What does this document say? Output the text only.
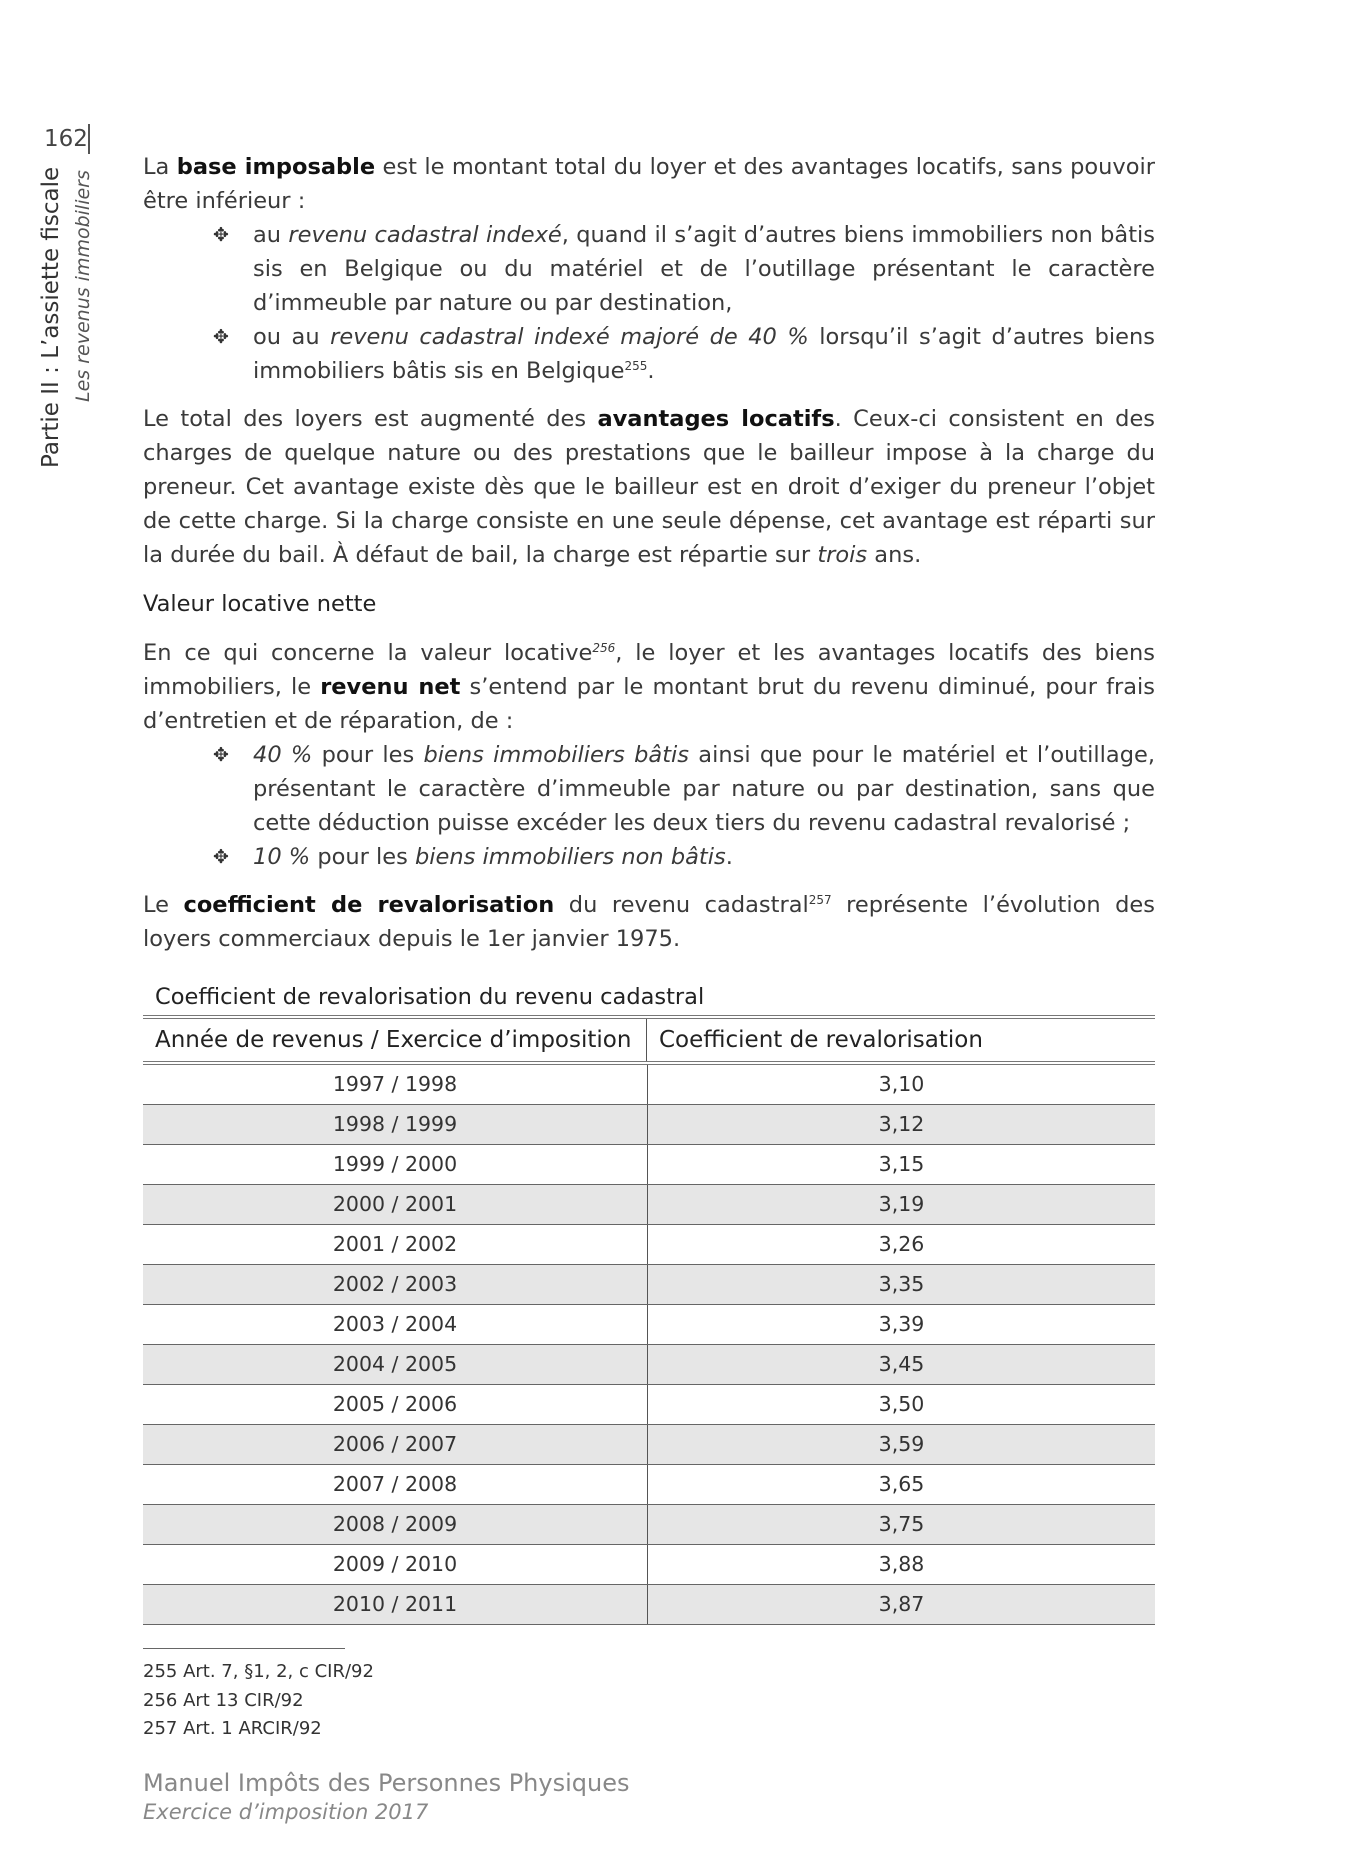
162
Partie II : L’assiette fiscale Les revenus immobiliers

La base imposable est le montant total du loyer et des avantages locatifs, sans pouvoir être inférieur :

✥ au revenu cadastral indexé, quand il s’agit d’autres biens immobiliers non bâtis sis en Belgique ou du matériel et de l’outillage présentant le caractère d’immeuble par nature ou par destination,
✥ ou au revenu cadastral indexé majoré de 40 % lorsqu’il s’agit d’autres biens immobiliers bâtis sis en Belgique$^{255}$.

Le total des loyers est augmenté des avantages locatifs. Ceux-ci consistent en des charges de quelque nature ou des prestations que le bailleur impose à la charge du preneur. Cet avantage existe dès que le bailleur est en droit d’exiger du preneur l’objet de cette charge. Si la charge consiste en une seule dépense, cet avantage est réparti sur la durée du bail. À défaut de bail, la charge est répartie sur trois ans.

Valeur locative nette

En ce qui concerne la valeur locative$^{256}$, le loyer et les avantages locatifs des biens immobiliers, le revenu net s’entend par le montant brut du revenu diminué, pour frais d’entretien et de réparation, de :

✥ 40 % pour les biens immobiliers bâtis ainsi que pour le matériel et l’outillage, présentant le caractère d’immeuble par nature ou par destination, sans que cette déduction puisse excéder les deux tiers du revenu cadastral revalorisé ;
✥ 10 % pour les biens immobiliers non bâtis.

Le coefficient de revalorisation du revenu cadastral$^{257}$ représente l’évolution des loyers commerciaux depuis le 1er janvier 1975.

Coefficient de revalorisation du revenu cadastral
Année de revenus / Exercice d’imposition	Coefficient de revalorisation
1997 / 1998	3,10
1998 / 1999	3,12
1999 / 2000	3,15
2000 / 2001	3,19
2001 / 2002	3,26
2002 / 2003	3,35
2003 / 2004	3,39
2004 / 2005	3,45
2005 / 2006	3,50
2006 / 2007	3,59
2007 / 2008	3,65
2008 / 2009	3,75
2009 / 2010	3,88
2010 / 2011	3,87
255 Art. 7, §1, 2, c CIR/92
256 Art 13 CIR/92
257 Art. 1 ARCIR/92
Manuel Impôts des Personnes Physiques
Exercice d’imposition 2017
